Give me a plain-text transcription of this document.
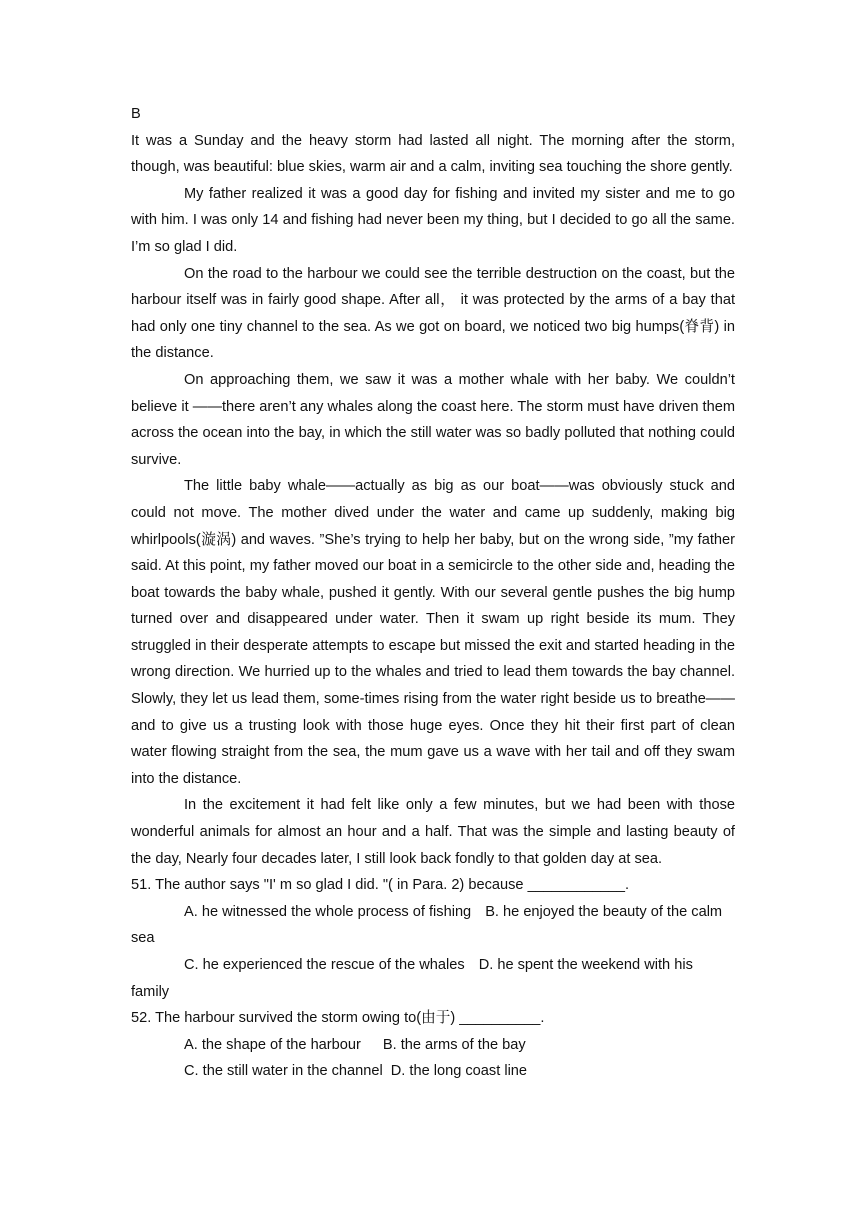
B

It was a Sunday and the heavy storm had lasted all night. The morning after the storm, though, was beautiful: blue skies, warm air and a calm, inviting sea touching the shore gently.

My father realized it was a good day for fishing and invited my sister and me to go with him. I was only 14 and fishing had never been my thing, but I decided to go all the same. I’m so glad I did.

On the road to the harbour we could see the terrible destruction on the coast, but the harbour itself was in fairly good shape. After all， it was protected by the arms of a bay that had only one tiny channel to the sea. As we got on board, we noticed two big humps(脊背) in the distance.

On approaching them, we saw it was a mother whale with her baby. We couldn’t believe it ——there aren’t any whales along the coast here. The storm must have driven them across the ocean into the bay, in which the still water was so badly polluted that nothing could survive.

The little baby whale——actually as big as our boat——was obviously stuck and could not move. The mother dived under the water and came up suddenly, making big whirlpools(漩涡) and waves. ”She’s trying to help her baby, but on the wrong side, ”my father said. At this point, my father moved our boat in a semicircle to the other side and, heading the boat towards the baby whale, pushed it gently. With our several gentle pushes the big hump turned over and disappeared under water. Then it swam up right beside its mum. They struggled in their desperate attempts to escape but missed the exit and started heading in the wrong direction. We hurried up to the whales and tried to lead them towards the bay channel. Slowly, they let us lead them, some-times rising from the water right beside us to breathe——and to give us a trusting look with those huge eyes. Once they hit their first part of clean water flowing straight from the sea, the mum gave us a wave with her tail and off they swam into the distance.

In the excitement it had felt like only a few minutes, but we had been with those wonderful animals for almost an hour and a half. That was the simple and lasting beauty of the day, Nearly four decades later, I still look back fondly to that golden day at sea.

51. The author says "I' m so glad I did. "( in Para. 2) because ____________.
A. he witnessed the whole process of fishing B. he enjoyed the beauty of the calm sea
C. he experienced the rescue of the whales D. he spent the weekend with his family
52. The harbour survived the storm owing to(由于) __________.
A. the shape of the harbour B. the arms of the bay
C. the still water in the channel D. the long coast line
